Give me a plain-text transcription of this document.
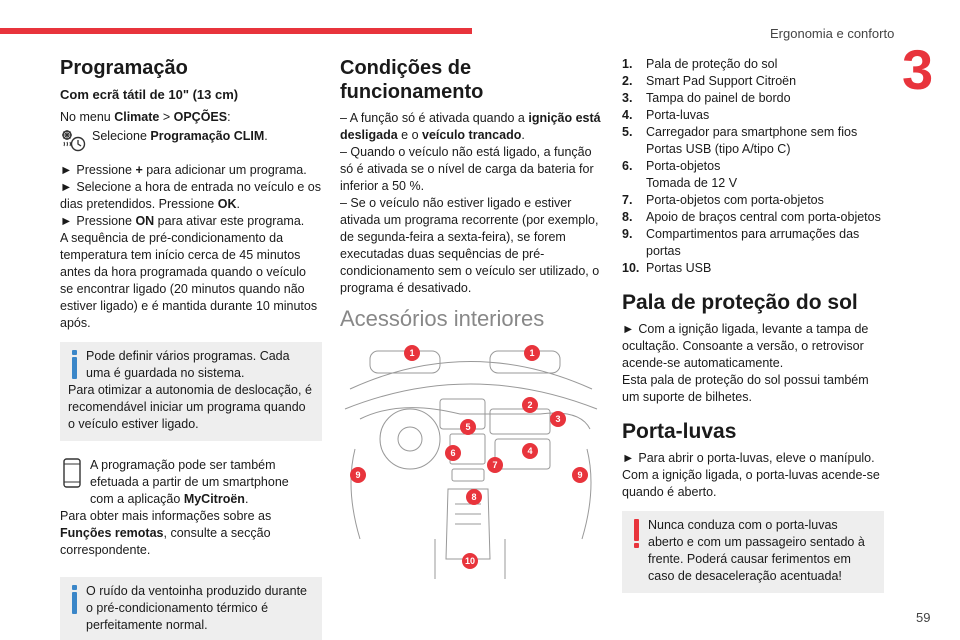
Ergonomia e conforto
3
59
Programação
Com ecrã tátil de 10" (13 cm)

No menu Climate > OPÇÕES:

Selecione Programação CLIM.

► Pressione + para adicionar um programa.

► Selecione a hora de entrada no veículo e os dias pretendidos. Pressione OK.

► Pressione ON para ativar este programa.

A sequência de pré-condicionamento da temperatura tem início cerca de 45 minutos antes da hora programada quando o veículo se encontrar ligado (20 minutos quando não estiver ligado) e é mantida durante 10 minutos após.

Pode definir vários programas. Cada uma é guardada no sistema.

Para otimizar a autonomia de deslocação, é recomendável iniciar um programa quando o veículo estiver ligado.

A programação pode ser também efetuada a partir de um smartphone com a aplicação MyCitroën.

Para obter mais informações sobre as Funções remotas, consulte a secção correspondente.

O ruído da ventoinha produzido durante o pré-condicionamento térmico é perfeitamente normal.

Condições de funcionamento

– A função só é ativada quando a ignição está desligada e o veículo trancado.

– Quando o veículo não está ligado, a função só é ativada se o nível de carga da bateria for inferior a 50 %.

– Se o veículo não estiver ligado e estiver ativada um programa recorrente (por exemplo, de segunda-feira a sexta-feira), se forem executadas duas sequências de pré-condicionamento sem o veículo ser utilizado, o programa é desativado.

Acessórios interiores
1	1
2
3
4
5
6
7
8
9	9
10
1.	Pala de proteção do sol
2.	Smart Pad Support Citroën
3.	Tampa do painel de bordo
4.	Porta-luvas
5.	Carregador para smartphone sem fios
Portas USB (tipo A/tipo C)
6.	Porta-objetos
Tomada de 12 V
7.	Porta-objetos com porta-objetos
8.	Apoio de braços central com porta-objetos
9.	Compartimentos para arrumações das portas
10. Portas USB
Pala de proteção do sol

► Com a ignição ligada, levante a tampa de ocultação. Consoante a versão, o retrovisor acende-se automaticamente.

Esta pala de proteção do sol possui também um suporte de bilhetes.

Porta-luvas

► Para abrir o porta-luvas, eleve o manípulo. Com a ignição ligada, o porta-luvas acende-se quando é aberto.

Nunca conduza com o porta-luvas aberto e com um passageiro sentado à frente. Poderá causar ferimentos em caso de desaceleração acentuada!
